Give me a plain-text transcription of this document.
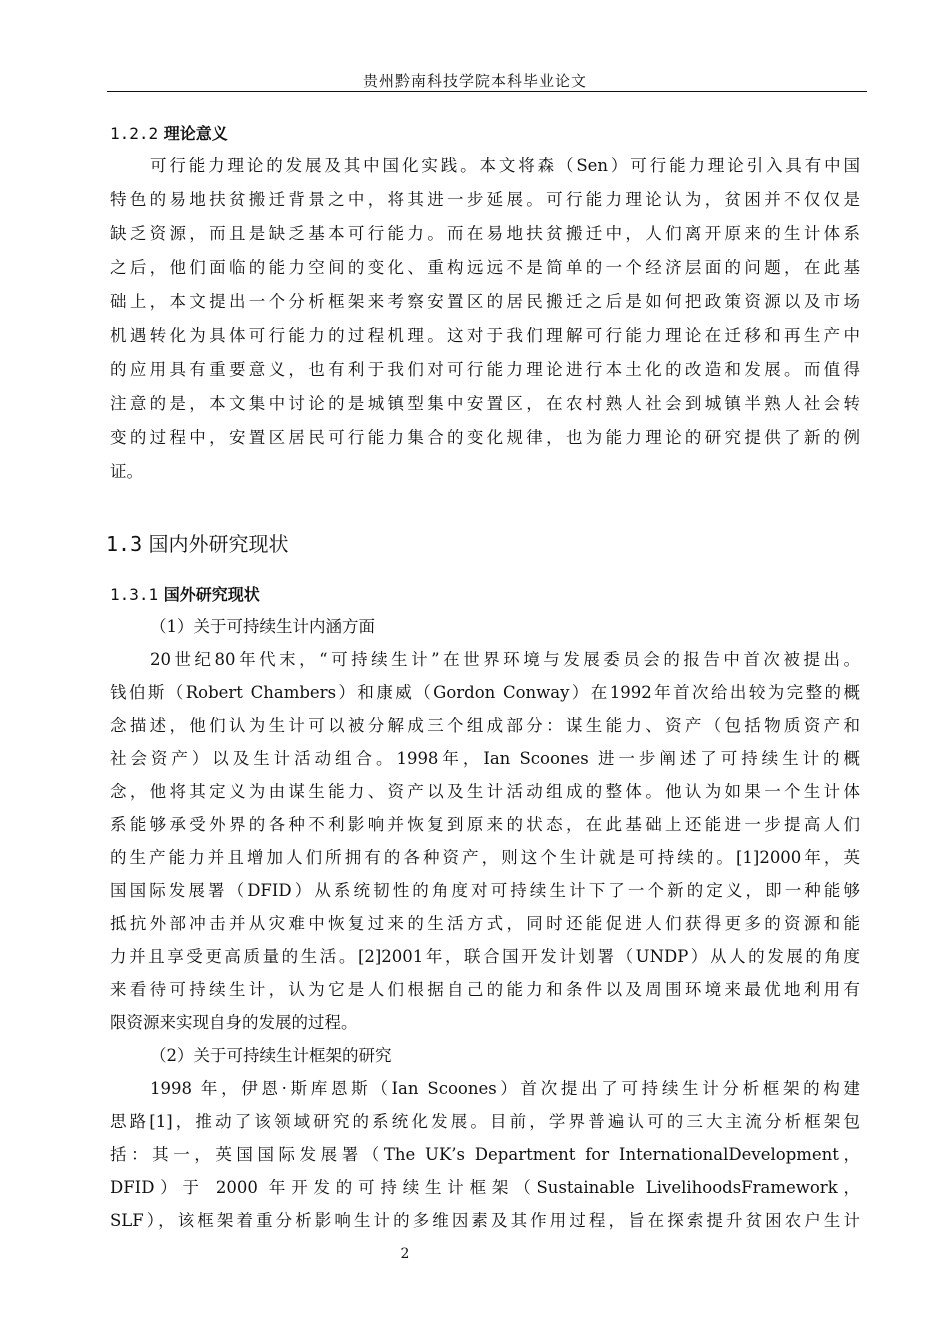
贵州黔南科技学院本科毕业论文
1.2.2 理论意义
可行能力理论的发展及其中国化实践。本文将森（Sen）可行能力理论引入具有中国
特色的易地扶贫搬迁背景之中，将其进一步延展。可行能力理论认为，贫困并不仅仅是
缺乏资源，而且是缺乏基本可行能力。而在易地扶贫搬迁中，人们离开原来的生计体系
之后，他们面临的能力空间的变化、重构远远不是简单的一个经济层面的问题，在此基
础上，本文提出一个分析框架来考察安置区的居民搬迁之后是如何把政策资源以及市场
机遇转化为具体可行能力的过程机理。这对于我们理解可行能力理论在迁移和再生产中
的应用具有重要意义，也有利于我们对可行能力理论进行本土化的改造和发展。而值得
注意的是，本文集中讨论的是城镇型集中安置区，在农村熟人社会到城镇半熟人社会转
变的过程中，安置区居民可行能力集合的变化规律，也为能力理论的研究提供了新的例
证。
1.3 国内外研究现状
1.3.1 国外研究现状
（1）关于可持续生计内涵方面
20世纪80年代末，“可持续生计”在世界环境与发展委员会的报告中首次被提出。
钱伯斯（Robert Chambers）和康威（Gordon Conway）在1992年首次给出较为完整的概
念描述，他们认为生计可以被分解成三个组成部分：谋生能力、资产（包括物质资产和
社会资产）以及生计活动组合。1998年，Ian Scoones 进一步阐述了可持续生计的概
念，他将其定义为由谋生能力、资产以及生计活动组成的整体。他认为如果一个生计体
系能够承受外界的各种不利影响并恢复到原来的状态，在此基础上还能进一步提高人们
的生产能力并且增加人们所拥有的各种资产，则这个生计就是可持续的。[1]2000年，英
国国际发展署（DFID）从系统韧性的角度对可持续生计下了一个新的定义，即一种能够
抵抗外部冲击并从灾难中恢复过来的生活方式，同时还能促进人们获得更多的资源和能
力并且享受更高质量的生活。[2]2001年，联合国开发计划署（UNDP）从人的发展的角度
来看待可持续生计，认为它是人们根据自己的能力和条件以及周围环境来最优地利用有
限资源来实现自身的发展的过程。
（2）关于可持续生计框架的研究
1998 年，伊恩·斯库恩斯（Ian Scoones）首次提出了可持续生计分析框架的构建
思路[1]，推动了该领域研究的系统化发展。目前，学界普遍认可的三大主流分析框架包
括：其一，英国国际发展署（The UK’s Department for InternationalDevelopment，
DFID）于 2000 年开发的可持续生计框架（Sustainable LivelihoodsFramework，
SLF），该框架着重分析影响生计的多维因素及其作用过程，旨在探索提升贫困农户生计
2
